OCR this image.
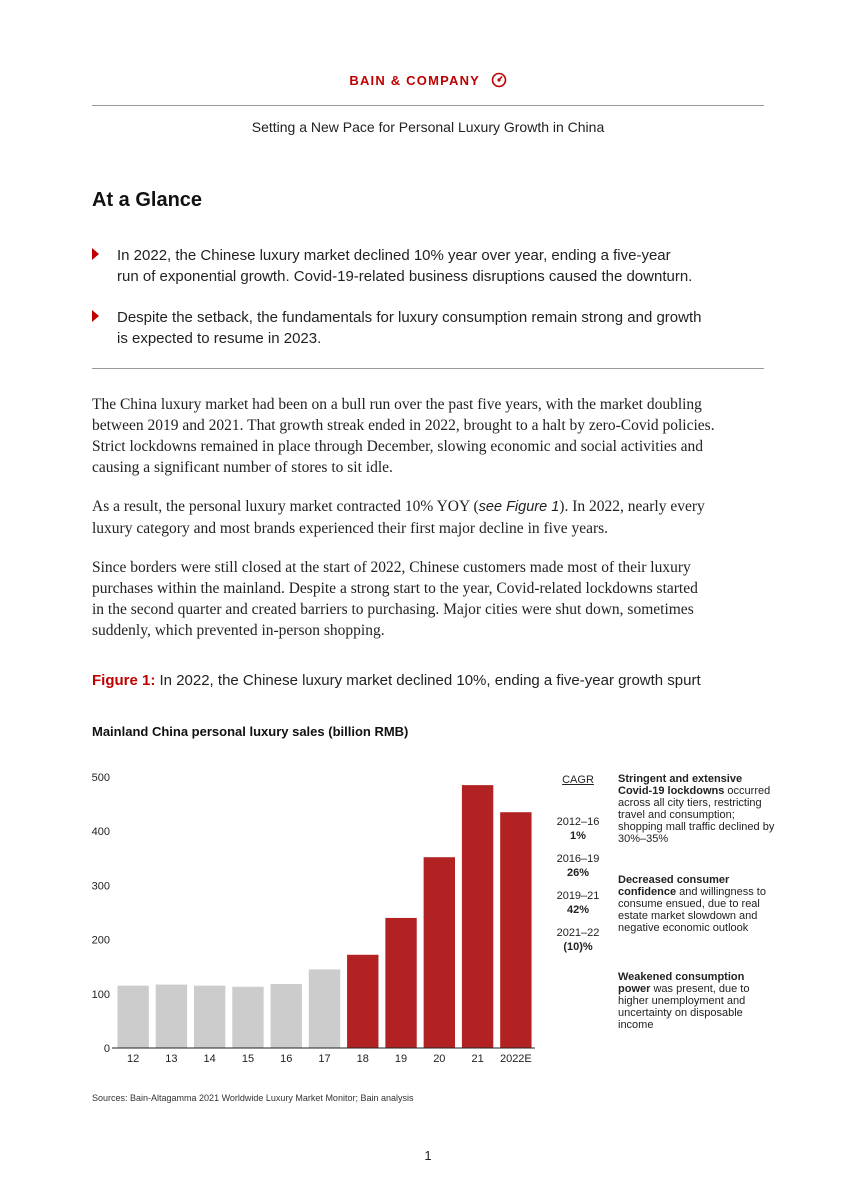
BAIN & COMPANY
Setting a New Pace for Personal Luxury Growth in China
At a Glance
In 2022, the Chinese luxury market declined 10% year over year, ending a five-year
run of exponential growth. Covid-19-related business disruptions caused the downturn.
Despite the setback, the fundamentals for luxury consumption remain strong and growth
is expected to resume in 2023.
The China luxury market had been on a bull run over the past five years, with the market doubling
between 2019 and 2021. That growth streak ended in 2022, brought to a halt by zero-Covid policies.
Strict lockdowns remained in place through December, slowing economic and social activities and
causing a significant number of stores to sit idle.
As a result, the personal luxury market contracted 10% YOY (see Figure 1). In 2022, nearly every
luxury category and most brands experienced their first major decline in five years.
Since borders were still closed at the start of 2022, Chinese customers made most of their luxury
purchases within the mainland. Despite a strong start to the year, Covid-related lockdowns started
in the second quarter and created barriers to purchasing. Major cities were shut down, sometimes
suddenly, which prevented in-person shopping.
Figure 1: In 2022, the Chinese luxury market declined 10%, ending a five-year growth spurt
Mainland China personal luxury sales (billion RMB)
0
100
200
300
400
500
12 13 14 15 16 17 18 19 20 21 2022E
CAGR
2012–16
1%
2016–19
26%
2019–21
42%
2021–22
(10)%
Stringent and extensive Covid-19 lockdowns occurred across all city tiers, restricting travel and consumption; shopping mall traffic declined by 30%–35%
Decreased consumer confidence and willingness to consume ensued, due to real estate market slowdown and negative economic outlook
Weakened consumption power was present, due to higher unemployment and uncertainty on disposable income
Sources: Bain-Altagamma 2021 Worldwide Luxury Market Monitor; Bain analysis
1
